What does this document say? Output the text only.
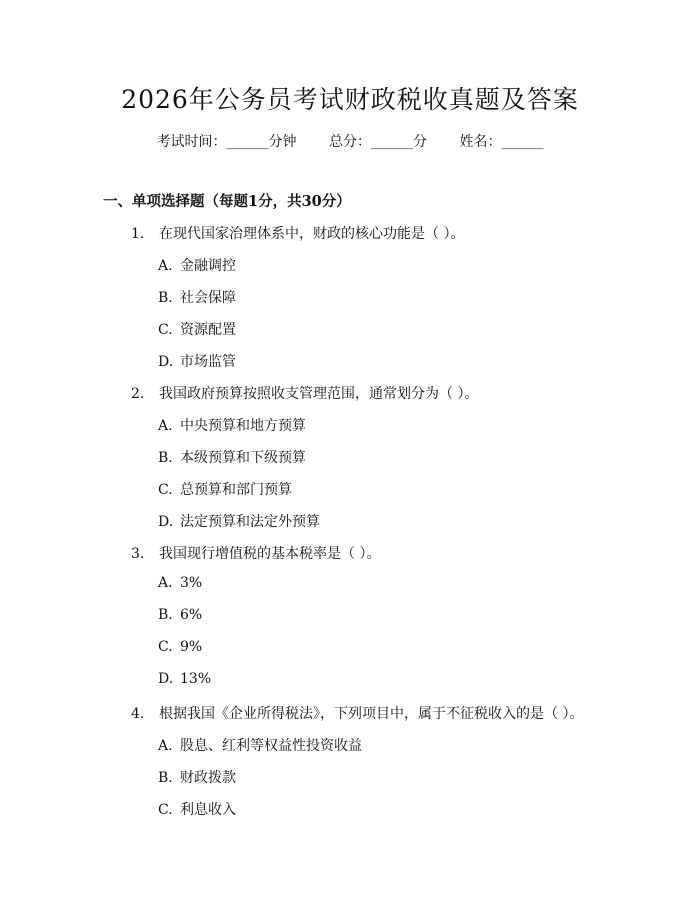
2026年公务员考试财政税收真题及答案
考试时间：______分钟 总分：______分 姓名：______
一、单项选择题（每题1分，共30分）
1. 在现代国家治理体系中，财政的核心功能是（ ）。
A. 金融调控
B. 社会保障
C. 资源配置
D. 市场监管
2. 我国政府预算按照收支管理范围，通常划分为（ ）。
A. 中央预算和地方预算
B. 本级预算和下级预算
C. 总预算和部门预算
D. 法定预算和法定外预算
3. 我国现行增值税的基本税率是（ ）。
A. 3%
B. 6%
C. 9%
D. 13%
4. 根据我国《企业所得税法》，下列项目中，属于不征税收入的是（ ）。
A. 股息、红利等权益性投资收益
B. 财政拨款
C. 利息收入
